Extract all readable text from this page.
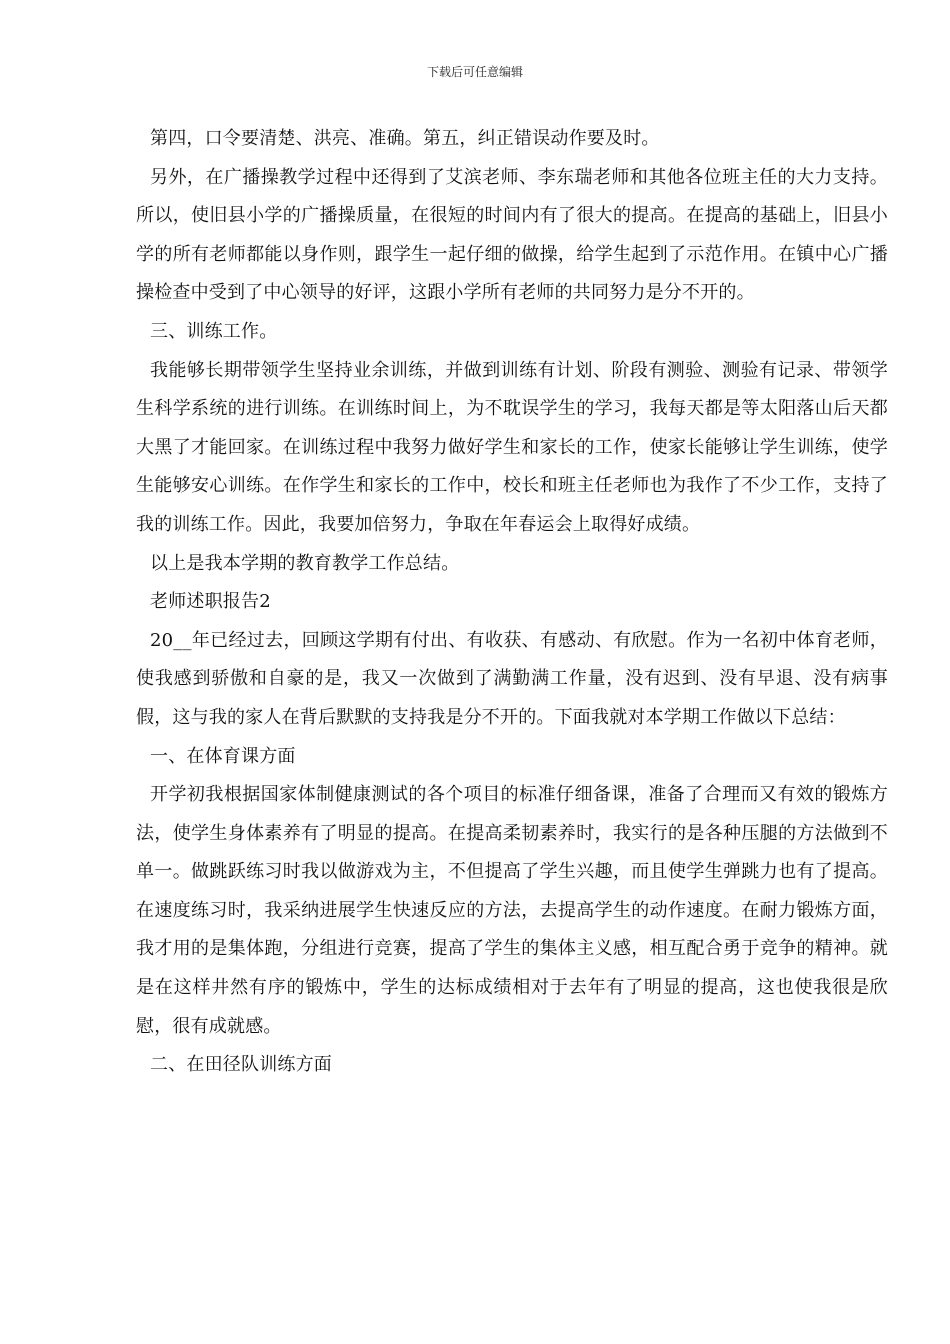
下载后可任意编辑

第四，口令要清楚、洪亮、准确。第五，纠正错误动作要及时。

另外，在广播操教学过程中还得到了艾滨老师、李东瑞老师和其他各位班主任的大力支持。所以，使旧县小学的广播操质量，在很短的时间内有了很大的提高。在提高的基础上，旧县小学的所有老师都能以身作则，跟学生一起仔细的做操，给学生起到了示范作用。在镇中心广播操检查中受到了中心领导的好评，这跟小学所有老师的共同努力是分不开的。

三、训练工作。

我能够长期带领学生坚持业余训练，并做到训练有计划、阶段有测验、测验有记录、带领学生科学系统的进行训练。在训练时间上，为不耽误学生的学习，我每天都是等太阳落山后天都大黑了才能回家。在训练过程中我努力做好学生和家长的工作，使家长能够让学生训练，使学生能够安心训练。在作学生和家长的工作中，校长和班主任老师也为我作了不少工作，支持了我的训练工作。因此，我要加倍努力，争取在年春运会上取得好成绩。

以上是我本学期的教育教学工作总结。

老师述职报告2

20__年已经过去，回顾这学期有付出、有收获、有感动、有欣慰。作为一名初中体育老师，使我感到骄傲和自豪的是，我又一次做到了满勤满工作量，没有迟到、没有早退、没有病事假，这与我的家人在背后默默的支持我是分不开的。下面我就对本学期工作做以下总结：

一、在体育课方面

开学初我根据国家体制健康测试的各个项目的标准仔细备课，准备了合理而又有效的锻炼方法，使学生身体素养有了明显的提高。在提高柔韧素养时，我实行的是各种压腿的方法做到不单一。做跳跃练习时我以做游戏为主，不但提高了学生兴趣，而且使学生弹跳力也有了提高。在速度练习时，我采纳进展学生快速反应的方法，去提高学生的动作速度。在耐力锻炼方面，我才用的是集体跑，分组进行竞赛，提高了学生的集体主义感，相互配合勇于竞争的精神。就是在这样井然有序的锻炼中，学生的达标成绩相对于去年有了明显的提高，这也使我很是欣慰，很有成就感。

二、在田径队训练方面
